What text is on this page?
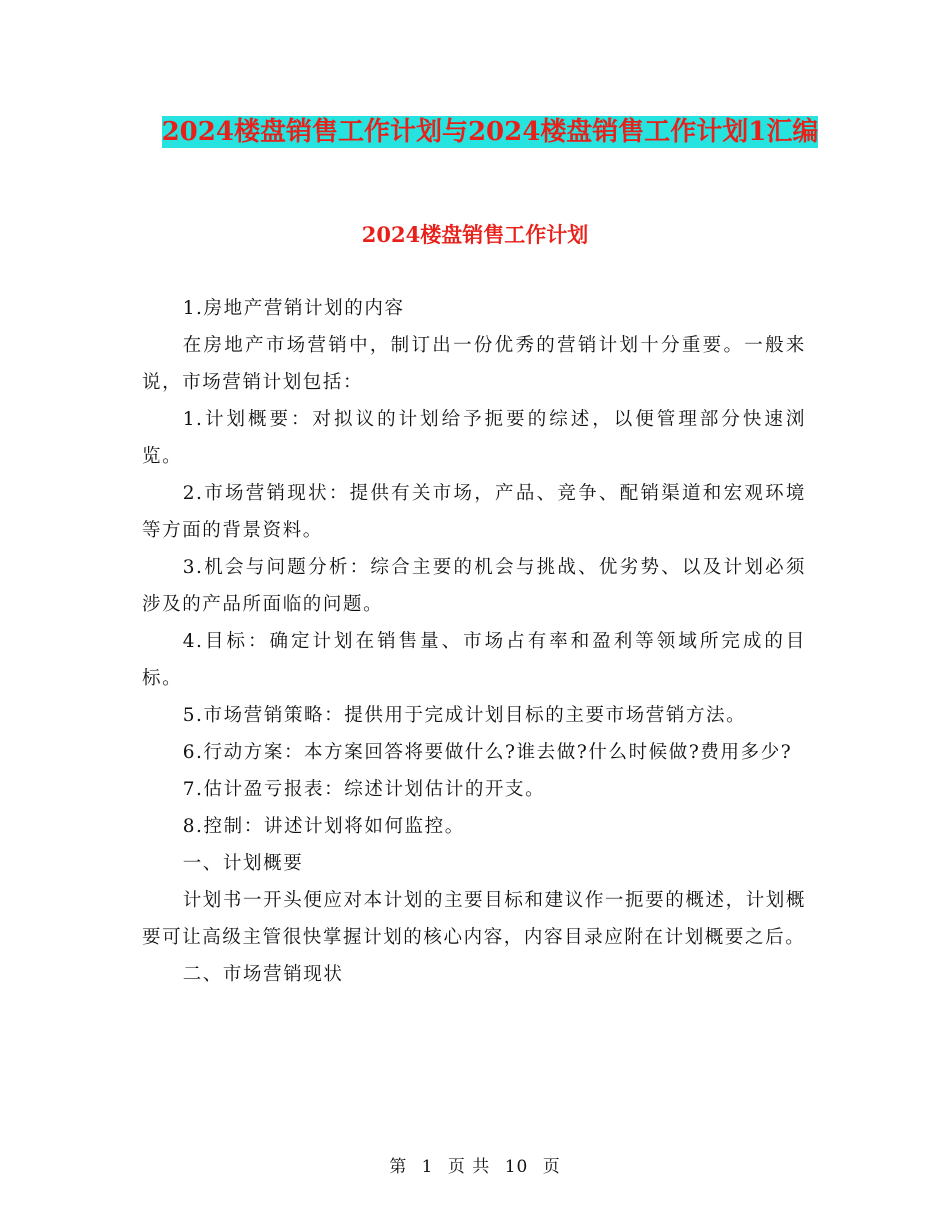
2024楼盘销售工作计划与2024楼盘销售工作计划1汇编
2024楼盘销售工作计划

1.房地产营销计划的内容

在房地产市场营销中，制订出一份优秀的营销计划十分重要。一般来说，市场营销计划包括：

1.计划概要：对拟议的计划给予扼要的综述，以便管理部分快速浏览。

2.市场营销现状：提供有关市场，产品、竞争、配销渠道和宏观环境等方面的背景资料。

3.机会与问题分析：综合主要的机会与挑战、优劣势、以及计划必须涉及的产品所面临的问题。

4.目标：确定计划在销售量、市场占有率和盈利等领域所完成的目标。

5.市场营销策略：提供用于完成计划目标的主要市场营销方法。

6.行动方案：本方案回答将要做什么?谁去做?什么时候做?费用多少?

7.估计盈亏报表：综述计划估计的开支。

8.控制：讲述计划将如何监控。

一、计划概要

计划书一开头便应对本计划的主要目标和建议作一扼要的概述，计划概要可让高级主管很快掌握计划的核心内容，内容目录应附在计划概要之后。

二、市场营销现状

第 1 页 共 10 页
